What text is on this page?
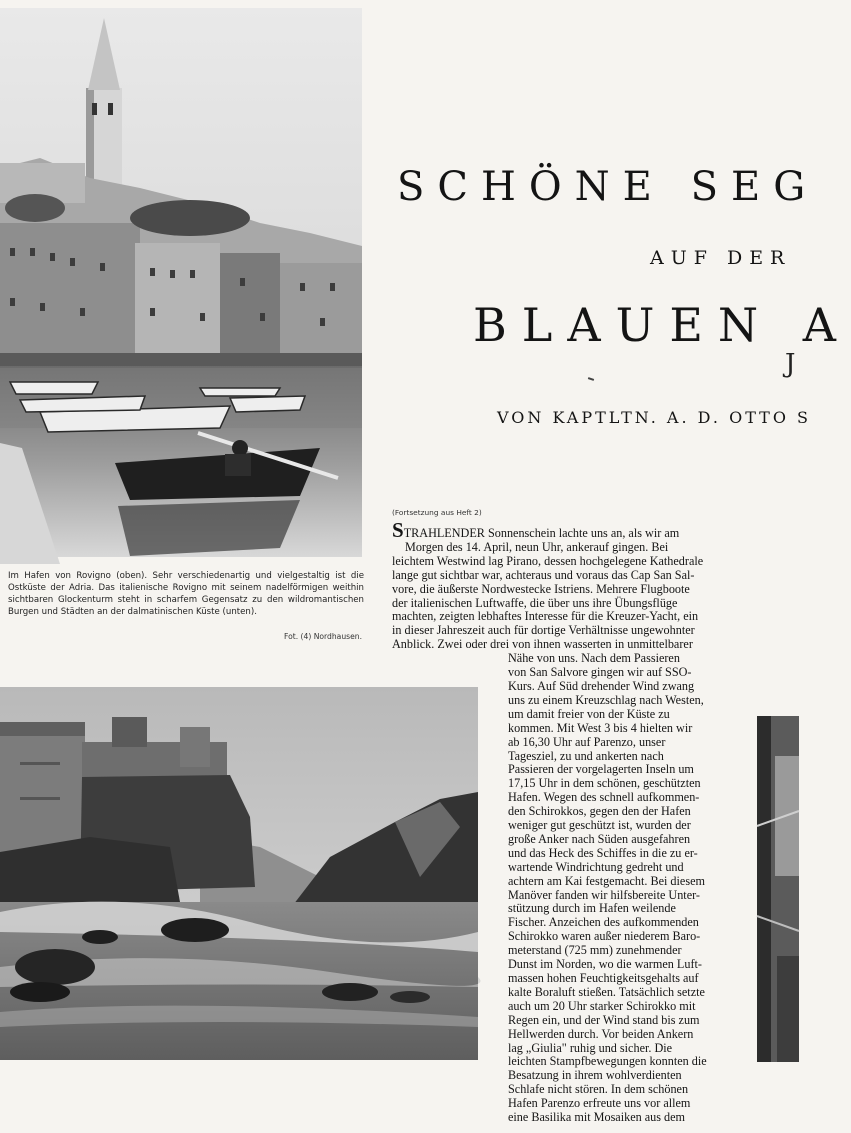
SCHÖNE SEG
AUF DER
BLAUEN A
J
VON KAPTLTN. A. D. OTTO S

Im Hafen von Rovigno (oben). Sehr verschiedenartig und vielgestaltig ist die Ostküste der Adria. Das italienische Rovigno mit seinem nadelförmigen weithin sichtbaren Glockenturm steht in scharfem Gegensatz zu den wildromantischen Burgen und Städten an der dalmatinischen Küste (unten).

Fot. (4) Nordhausen.
(Fortsetzung aus Heft 2)
STRAHLENDER Sonnenschein lachte uns an, als wir am
Morgen des 14. April, neun Uhr, ankerauf gingen. Bei
leichtem Westwind lag Pirano, dessen hochgelegene Kathedrale
lange gut sichtbar war, achteraus und voraus das Cap San Sal-
vore, die äußerste Nordwestecke Istriens. Mehrere Flugboote
der italienischen Luftwaffe, die über uns ihre Übungsflüge
machten, zeigten lebhaftes Interesse für die Kreuzer-Yacht, ein
in dieser Jahreszeit auch für dortige Verhältnisse ungewohnter
Anblick. Zwei oder drei von ihnen wasserten in unmittelbarer
Nähe von uns. Nach dem Passieren
von San Salvore gingen wir auf SSO-
Kurs. Auf Süd drehender Wind zwang
uns zu einem Kreuzschlag nach Westen,
um damit freier von der Küste zu
kommen. Mit West 3 bis 4 hielten wir
ab 16,30 Uhr auf Parenzo, unser
Tagesziel, zu und ankerten nach
Passieren der vorgelagerten Inseln um
17,15 Uhr in dem schönen, geschützten
Hafen. Wegen des schnell aufkommen-
den Schirokkos, gegen den der Hafen
weniger gut geschützt ist, wurden der
große Anker nach Süden ausgefahren
und das Heck des Schiffes in die zu er-
wartende Windrichtung gedreht und
achtern am Kai festgemacht. Bei diesem
Manöver fanden wir hilfsbereite Unter-
stützung durch im Hafen weilende
Fischer. Anzeichen des aufkommenden
Schirokko waren außer niederem Baro-
meterstand (725 mm) zunehmender
Dunst im Norden, wo die warmen Luft-
massen hohen Feuchtigkeitsgehalts auf
kalte Boraluft stießen. Tatsächlich setzte
auch um 20 Uhr starker Schirokko mit
Regen ein, und der Wind stand bis zum
Hellwerden durch. Vor beiden Ankern
lag „Giulia" ruhig und sicher. Die
leichten Stampfbewegungen konnten die
Besatzung in ihrem wohlverdienten
Schlafe nicht stören. In dem schönen
Hafen Parenzo erfreute uns vor allem
eine Basilika mit Mosaiken aus dem
